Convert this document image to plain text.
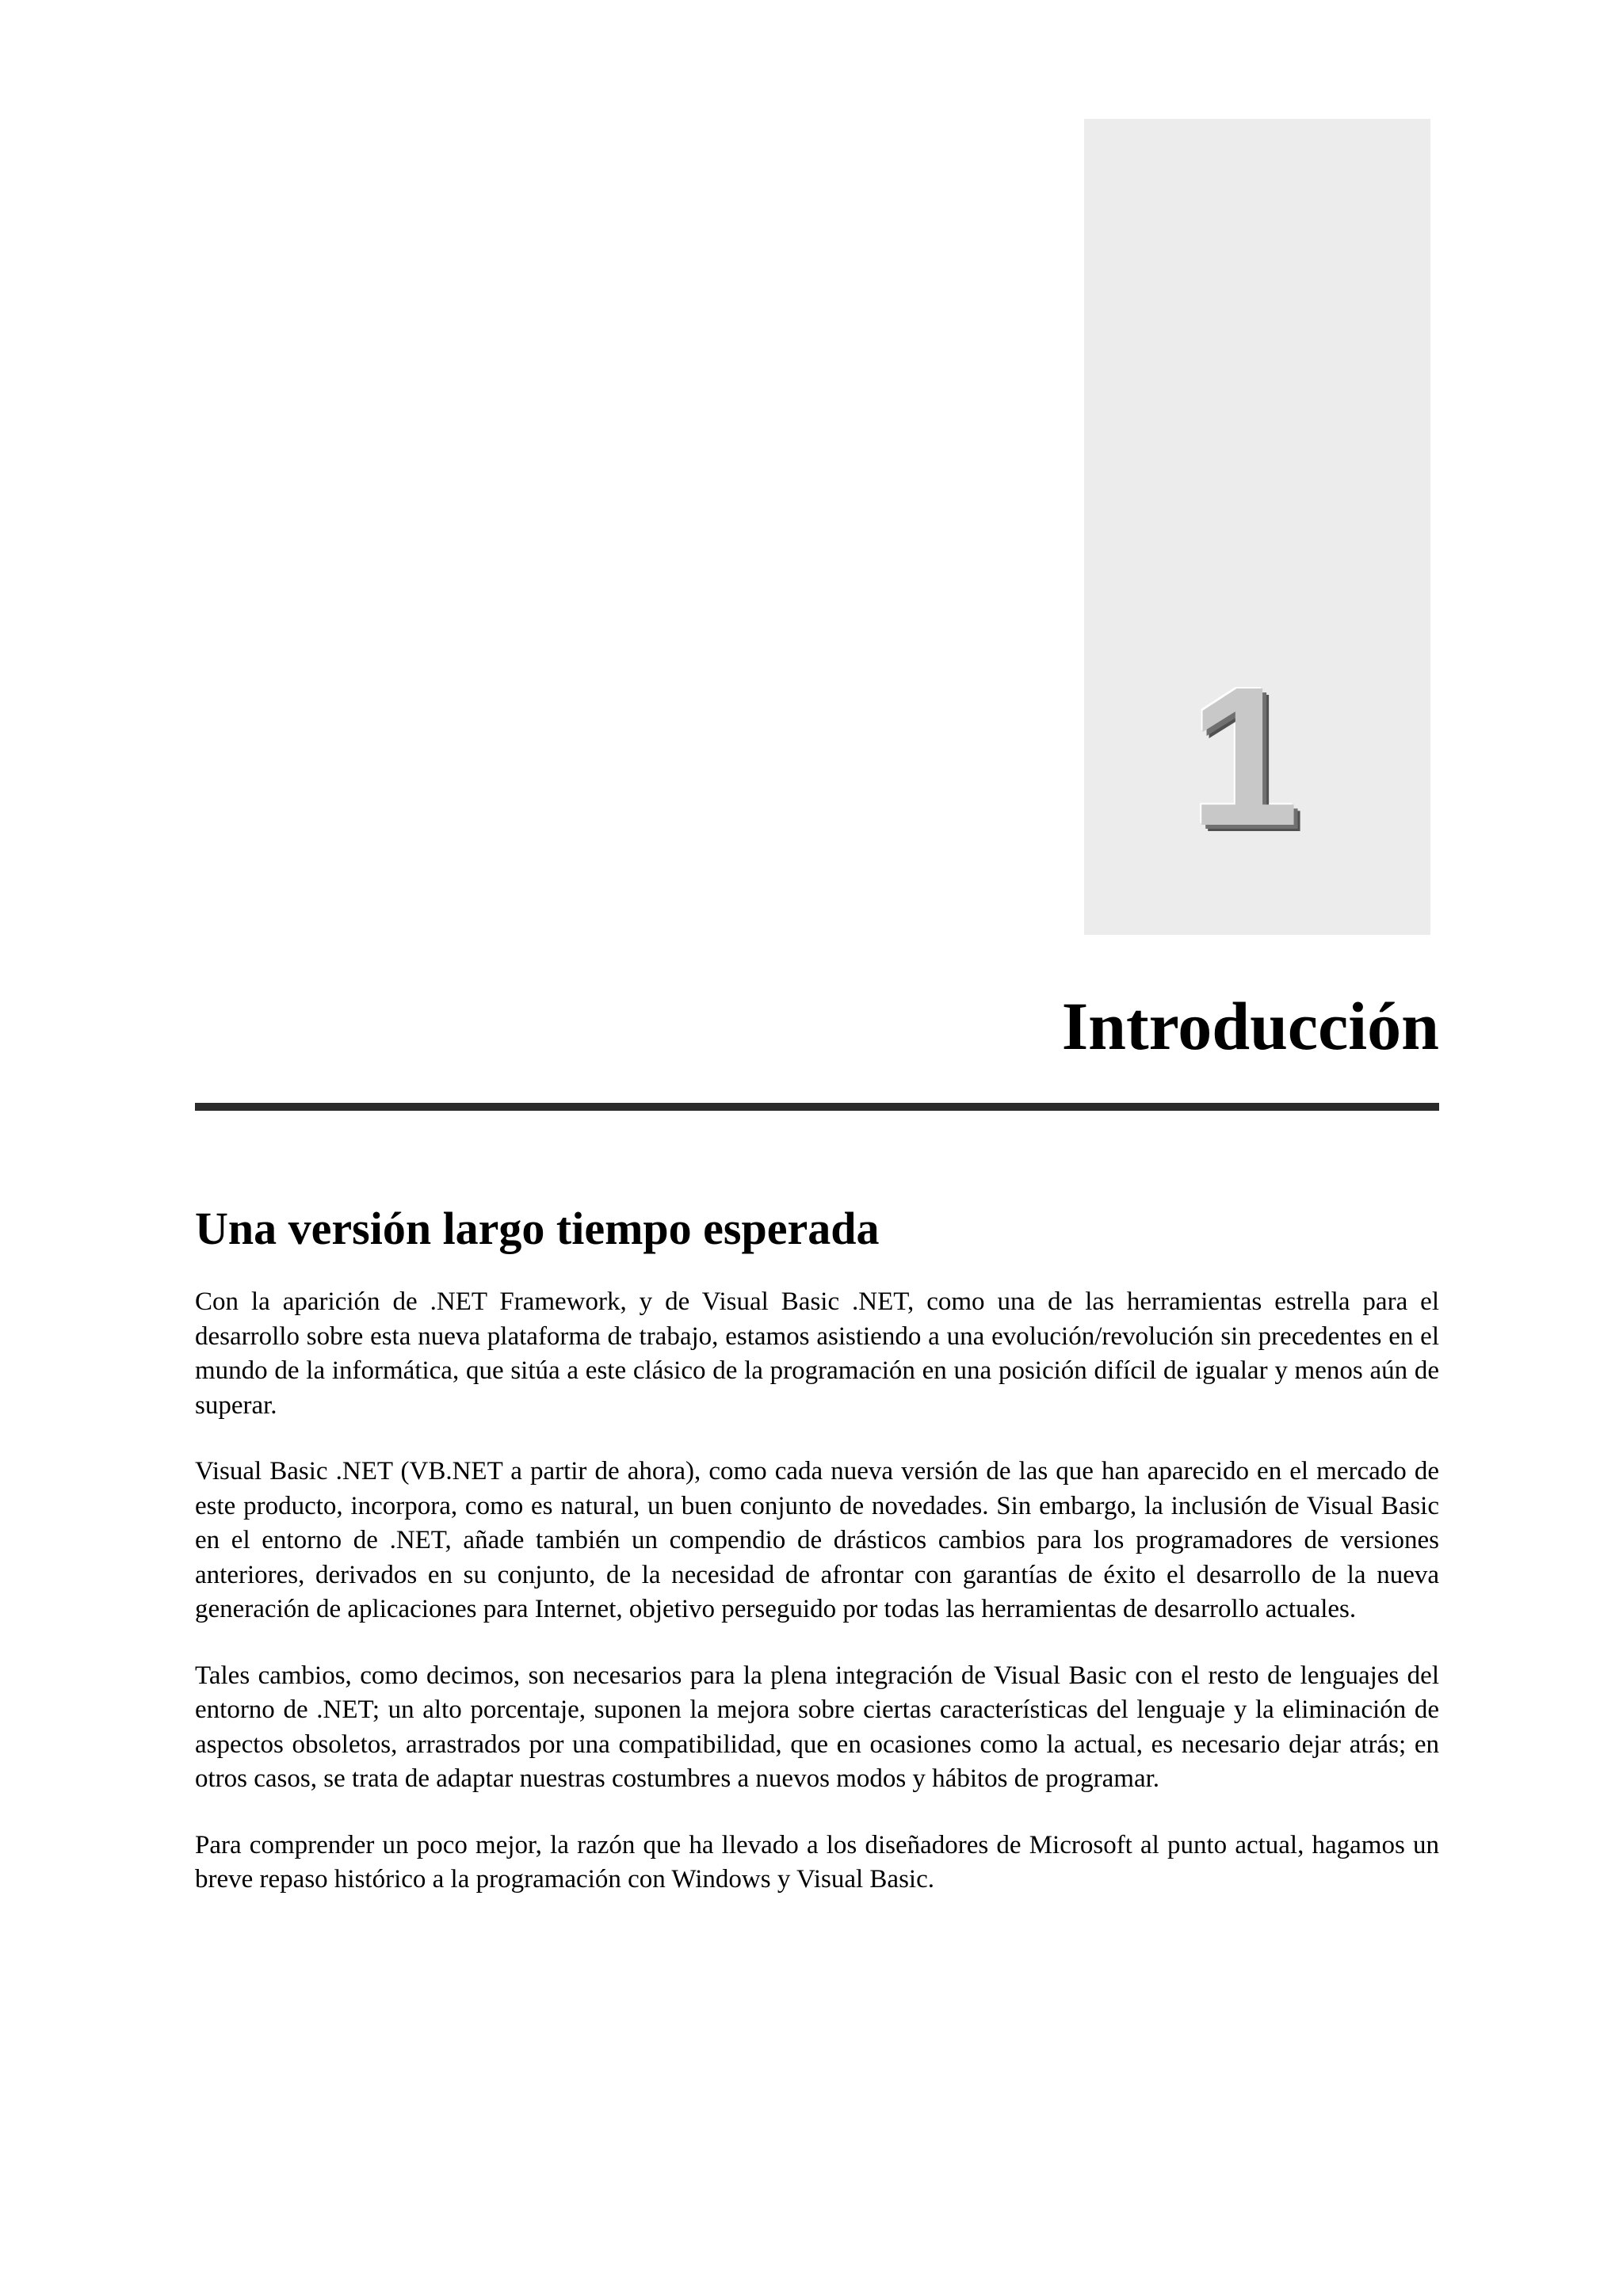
1
Introducción
Una versión largo tiempo esperada

Con la aparición de .NET Framework, y de Visual Basic .NET, como una de las herramientas estrella para el desarrollo sobre esta nueva plataforma de trabajo, estamos asistiendo a una evolución/revolución sin precedentes en el mundo de la informática, que sitúa a este clásico de la programación en una posición difícil de igualar y menos aún de superar.

Visual Basic .NET (VB.NET a partir de ahora), como cada nueva versión de las que han aparecido en el mercado de este producto, incorpora, como es natural, un buen conjunto de novedades. Sin embargo, la inclusión de Visual Basic en el entorno de .NET, añade también un compendio de drásticos cambios para los programadores de versiones anteriores, derivados en su conjunto, de la necesidad de afrontar con garantías de éxito el desarrollo de la nueva generación de aplicaciones para Internet, objetivo perseguido por todas las herramientas de desarrollo actuales.

Tales cambios, como decimos, son necesarios para la plena integración de Visual Basic con el resto de lenguajes del entorno de .NET; un alto porcentaje, suponen la mejora sobre ciertas características del lenguaje y la eliminación de aspectos obsoletos, arrastrados por una compatibilidad, que en ocasiones como la actual, es necesario dejar atrás; en otros casos, se trata de adaptar nuestras costumbres a nuevos modos y hábitos de programar.

Para comprender un poco mejor, la razón que ha llevado a los diseñadores de Microsoft al punto actual, hagamos un breve repaso histórico a la programación con Windows y Visual Basic.
